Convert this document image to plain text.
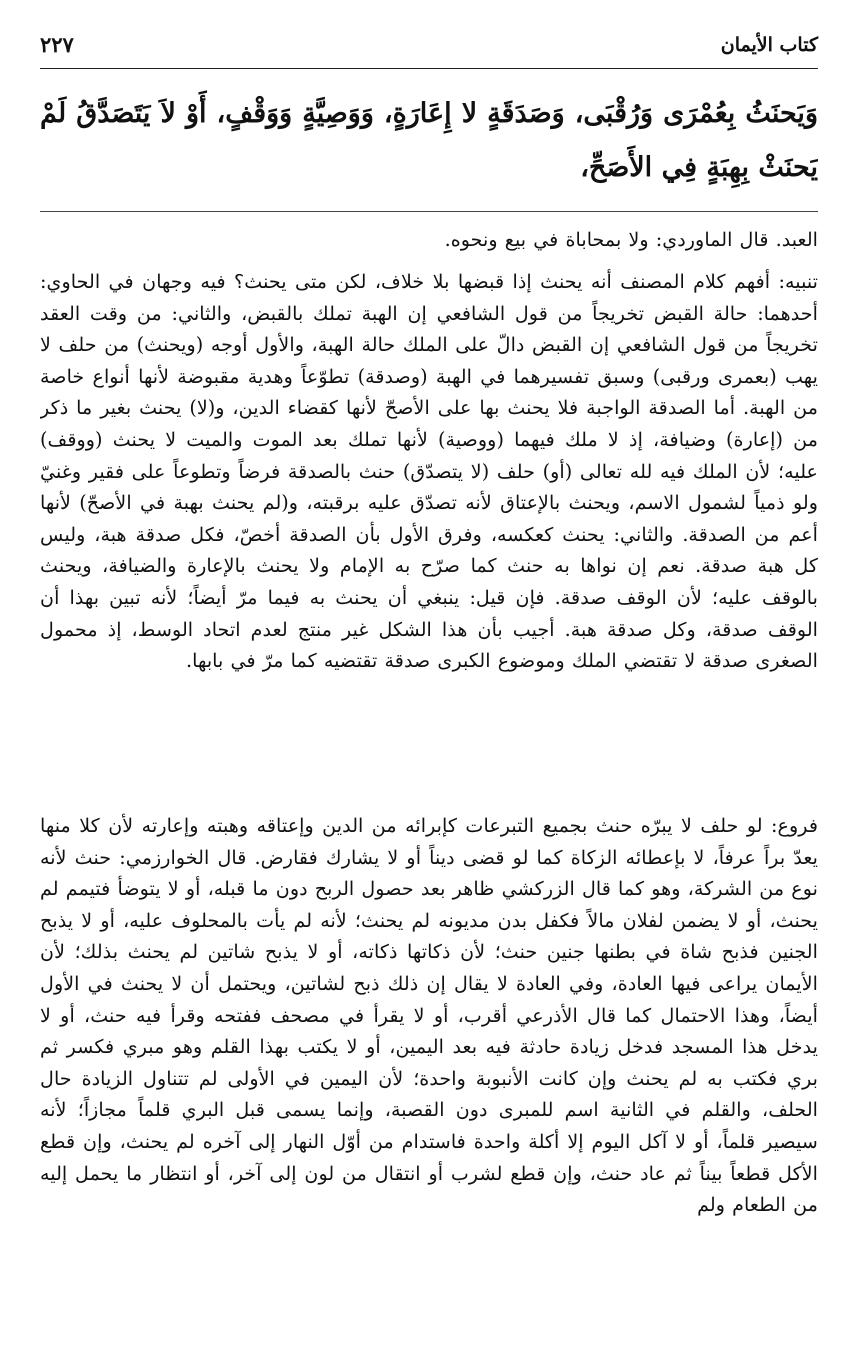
كتاب الأيمان
٢٢٧
وَيَحنَثُ بِعُمْرَى وَرُقْبَى، وَصَدَقَةٍ لا إِعَارَةٍ، وَوَصِيَّةٍ وَوَقْفٍ، أَوْ لاَ يَتَصَدَّقُ لَمْ يَحنَثْ بِهِبَةٍ فِي الأَصَحِّ،

العبد. قال الماوردي: ولا بمحاباة في بيع ونحوه.

تنبيه: أفهم كلام المصنف أنه يحنث إذا قبضها بلا خلاف، لكن متى يحنث؟ فيه وجهان في الحاوي: أحدهما: حالة القبض تخريجاً من قول الشافعي إن الهبة تملك بالقبض، والثاني: من وقت العقد تخريجاً من قول الشافعي إن القبض دالّ على الملك حالة الهبة، والأول أوجه (ويحنث) من حلف لا يهب (بعمرى ورقبى) وسبق تفسيرهما في الهبة (وصدقة) تطوّعاً وهدية مقبوضة لأنها أنواع خاصة من الهبة. أما الصدقة الواجبة فلا يحنث بها على الأصحّ لأنها كقضاء الدين، و(لا) يحنث بغير ما ذكر من (إعارة) وضيافة، إذ لا ملك فيهما (ووصية) لأنها تملك بعد الموت والميت لا يحنث (ووقف) عليه؛ لأن الملك فيه لله تعالى (أو) حلف (لا يتصدّق) حنث بالصدقة فرضاً وتطوعاً على فقير وغنيّ ولو ذمياً لشمول الاسم، ويحنث بالإعتاق لأنه تصدّق عليه برقبته، و(لم يحنث بهبة في الأصحّ) لأنها أعم من الصدقة. والثاني: يحنث كعكسه، وفرق الأول بأن الصدقة أخصّ، فكل صدقة هبة، وليس كل هبة صدقة. نعم إن نواها به حنث كما صرّح به الإمام ولا يحنث بالإعارة والضيافة، ويحنث بالوقف عليه؛ لأن الوقف صدقة. فإن قيل: ينبغي أن يحنث به فيما مرّ أيضاً؛ لأنه تبين بهذا أن الوقف صدقة، وكل صدقة هبة. أجيب بأن هذا الشكل غير منتج لعدم اتحاد الوسط، إذ محمول الصغرى صدقة لا تقتضي الملك وموضوع الكبرى صدقة تقتضيه كما مرّ في بابها.

فروع: لو حلف لا يبرّه حنث بجميع التبرعات كإبرائه من الدين وإعتاقه وهبته وإعارته لأن كلا منها يعدّ براً عرفاً، لا بإعطائه الزكاة كما لو قضى ديناً أو لا يشارك فقارض. قال الخوارزمي: حنث لأنه نوع من الشركة، وهو كما قال الزركشي ظاهر بعد حصول الربح دون ما قبله، أو لا يتوضأ فتيمم لم يحنث، أو لا يضمن لفلان مالاً فكفل بدن مديونه لم يحنث؛ لأنه لم يأت بالمحلوف عليه، أو لا يذبح الجنين فذبح شاة في بطنها جنين حنث؛ لأن ذكاتها ذكاته، أو لا يذبح شاتين لم يحنث بذلك؛ لأن الأيمان يراعى فيها العادة، وفي العادة لا يقال إن ذلك ذبح لشاتين، ويحتمل أن لا يحنث في الأول أيضاً، وهذا الاحتمال كما قال الأذرعي أقرب، أو لا يقرأ في مصحف ففتحه وقرأ فيه حنث، أو لا يدخل هذا المسجد فدخل زيادة حادثة فيه بعد اليمين، أو لا يكتب بهذا القلم وهو مبري فكسر ثم بري فكتب به لم يحنث وإن كانت الأنبوبة واحدة؛ لأن اليمين في الأولى لم تتناول الزيادة حال الحلف، والقلم في الثانية اسم للمبرى دون القصبة، وإنما يسمى قبل البري قلماً مجازاً؛ لأنه سيصير قلماً، أو لا آكل اليوم إلا أكلة واحدة فاستدام من أوّل النهار إلى آخره لم يحنث، وإن قطع الأكل قطعاً بيناً ثم عاد حنث، وإن قطع لشرب أو انتقال من لون إلى آخر، أو انتظار ما يحمل إليه من الطعام ولم
